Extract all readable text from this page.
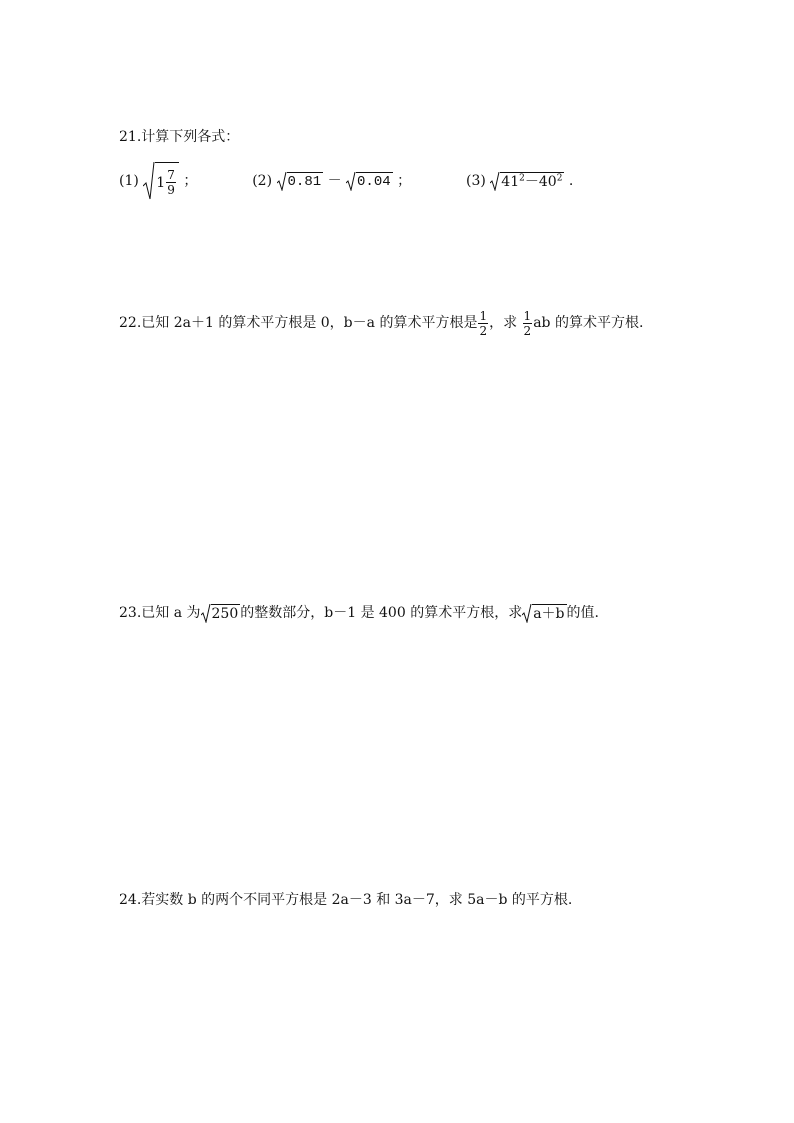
21.计算下列各式：
(1) $1 \frac{7}{9}$ ；	(2) 0.81 － 0.04 ；	(3) $41^2-40^2$ .
22.已知 2a＋1 的算术平方根是 0，b－a 的算术平方根是 $\frac{1}{2}$ ，求 $\frac{1}{2}$ ab 的算术平方根.
23.已知 a 为 250 的整数部分，b－1 是 400 的算术平方根，求 a＋b 的值.
24.若实数 b 的两个不同平方根是 2a－3 和 3a－7，求 5a－b 的平方根.
